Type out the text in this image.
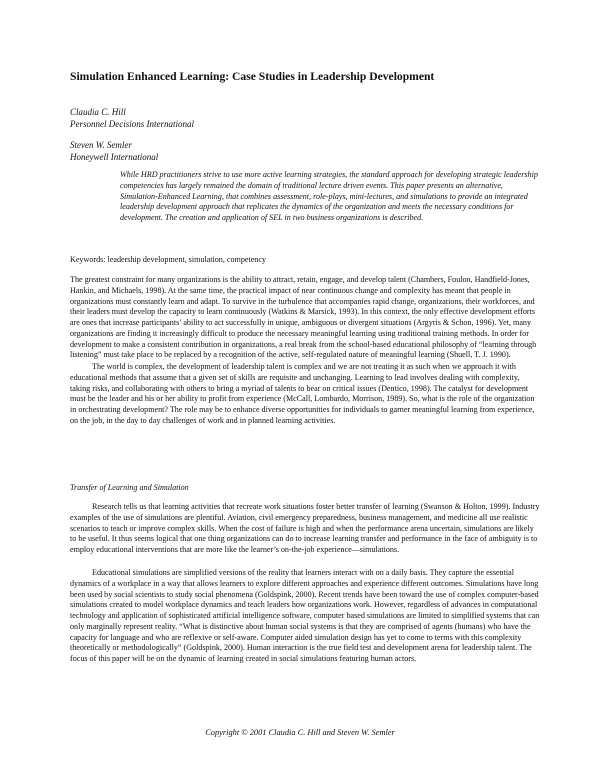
Simulation Enhanced Learning: Case Studies in Leadership Development
Claudia C. Hill
Personnel Decisions International
Steven W. Semler
Honeywell International

While HRD practitioners strive to use more active learning strategies, the standard approach for developing strategic leadership competencies has largely remained the domain of traditional lecture driven events. This paper presents an alternative, Simulation-Enhanced Learning, that combines assessment, role-plays, mini-lectures, and simulations to provide an integrated leadership development approach that replicates the dynamics of the organization and meets the necessary conditions for development. The creation and application of SEL in two business organizations is described.

Keywords: leadership development, simulation, competency

The greatest constraint for many organizations is the ability to attract, retain, engage, and develop talent (Chambers, Foulon, Handfield-Jones, Hankin, and Michaels, 1998). At the same time, the practical impact of near continuous change and complexity has meant that people in organizations must constantly learn and adapt. To survive in the turbulence that accompanies rapid change, organizations, their workforces, and their leaders must develop the capacity to learn continuously (Watkins & Marsick, 1993). In this context, the only effective development efforts are ones that increase participants’ ability to act successfully in unique, ambiguous or divergent situations (Argyris & Schon, 1996). Yet, many organizations are finding it increasingly difficult to produce the necessary meaningful learning using traditional training methods. In order for development to make a consistent contribution in organizations, a real break from the school-based educational philosophy of “learning through listening” must take place to be replaced by a recognition of the active, self-regulated nature of meaningful learning (Shuell, T. J. 1990).

The world is complex, the development of leadership talent is complex and we are not treating it as such when we approach it with educational methods that assume that a given set of skills are requisite and unchanging. Learning to lead involves dealing with complexity, taking risks, and collaborating with others to bring a myriad of talents to bear on critical issues (Dentico, 1998). The catalyst for development must be the leader and his or her ability to profit from experience (McCall, Lombardo, Morrison, 1989). So, what is the role of the organization in orchestrating development? The role may be to enhance diverse opportunities for individuals to garner meaningful learning from experience, on the job, in the day to day challenges of work and in planned learning activities.

Transfer of Learning and Simulation

Research tells us that learning activities that recreate work situations foster better transfer of learning (Swanson & Holton, 1999). Industry examples of the use of simulations are plentiful. Aviation, civil emergency preparedness, business management, and medicine all use realistic scenarios to teach or improve complex skills. When the cost of failure is high and when the performance arena uncertain, simulations are likely to be useful. It thus seems logical that one thing organizations can do to increase learning transfer and performance in the face of ambiguity is to employ educational interventions that are more like the learner’s on-the-job experience—simulations.

Educational simulations are simplified versions of the reality that learners interact with on a daily basis. They capture the essential dynamics of a workplace in a way that allows learners to explore different approaches and experience different outcomes. Simulations have long been used by social scientists to study social phenomena (Goldspink, 2000). Recent trends have been toward the use of complex computer-based simulations created to model workplace dynamics and teach leaders how organizations work. However, regardless of advances in computational technology and application of sophisticated artificial intelligence software, computer based simulations are limited to simplified systems that can only marginally represent reality. “What is distinctive about human social systems is that they are comprised of agents (humans) who have the capacity for language and who are reflexive or self-aware. Computer aided simulation design has yet to come to terms with this complexity theoretically or methodologically” (Goldspink, 2000). Human interaction is the true field test and development arena for leadership talent. The focus of this paper will be on the dynamic of learning created in social simulations featuring human actors.

Copyright © 2001 Claudia C. Hill and Steven W. Semler
